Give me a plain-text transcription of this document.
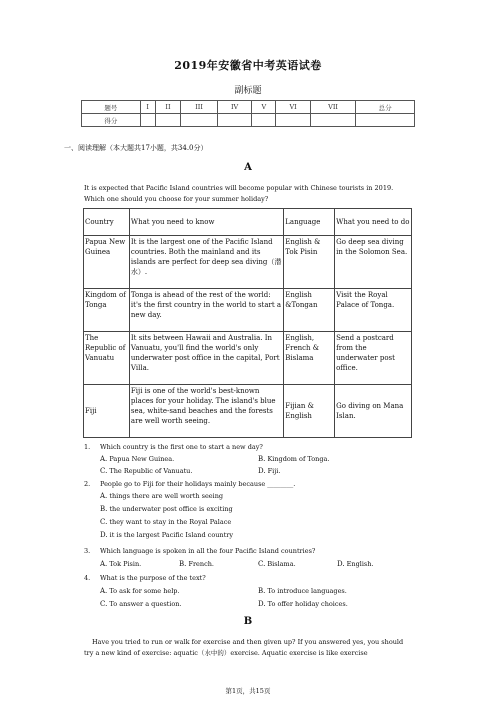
2019年安徽省中考英语试卷
副标题
题号	I	II	III	IV	V	VI	VII	总分
得分								
一、阅读理解（本大题共17小题，共34.0分）
A
It is expected that Pacific Island countries will become popular with Chinese tourists in 2019. Which one should you choose for your summer holiday?
Country	What you need to know	Language	What you need to do
Papua New Guinea	It is the largest one of the Pacific Island countries. Both the mainland and its islands are perfect for deep sea diving（潜水）.	English & Tok Pisin	Go deep sea diving in the Solomon Sea.
Kingdom of Tonga	Tonga is ahead of the rest of the world: it's the first country in the world to start a new day.	English &Tongan	Visit the Royal Palace of Tonga.
The Republic of Vanuatu	It sits between Hawaii and Australia. In Vanuatu, you'll find the world's only underwater post office in the capital, Port Villa.	English, French & Bislama	Send a postcard from the underwater post office.
Fiji	Fiji is one of the world's best-known places for your holiday. The island's blue sea, white-sand beaches and the forests are well worth seeing.	Fijian & English	Go diving on Mana Islan.
1. Which country is the first one to start a new day?
A. Papua New Guinea.	B. Kingdom of Tonga.
C. The Republic of Vanuatu.	D. Fiji.
2. People go to Fiji for their holidays mainly because ________.
A. things there are well worth seeing
B. the underwater post office is exciting
C. they want to stay in the Royal Palace
D. it is the largest Pacific Island country
3. Which language is spoken in all the four Pacific Island countries?
A. Tok Pisin.	B. French.	C. Bislama.	D. English.
4. What is the purpose of the text?
A. To ask for some help.	B. To introduce languages.
C. To answer a question.	D. To offer holiday choices.
B
Have you tried to run or walk for exercise and then given up? If you answered yes, you should try a new kind of exercise: aquatic（水中的）exercise. Aquatic exercise is like exercise
第1页，共15页
